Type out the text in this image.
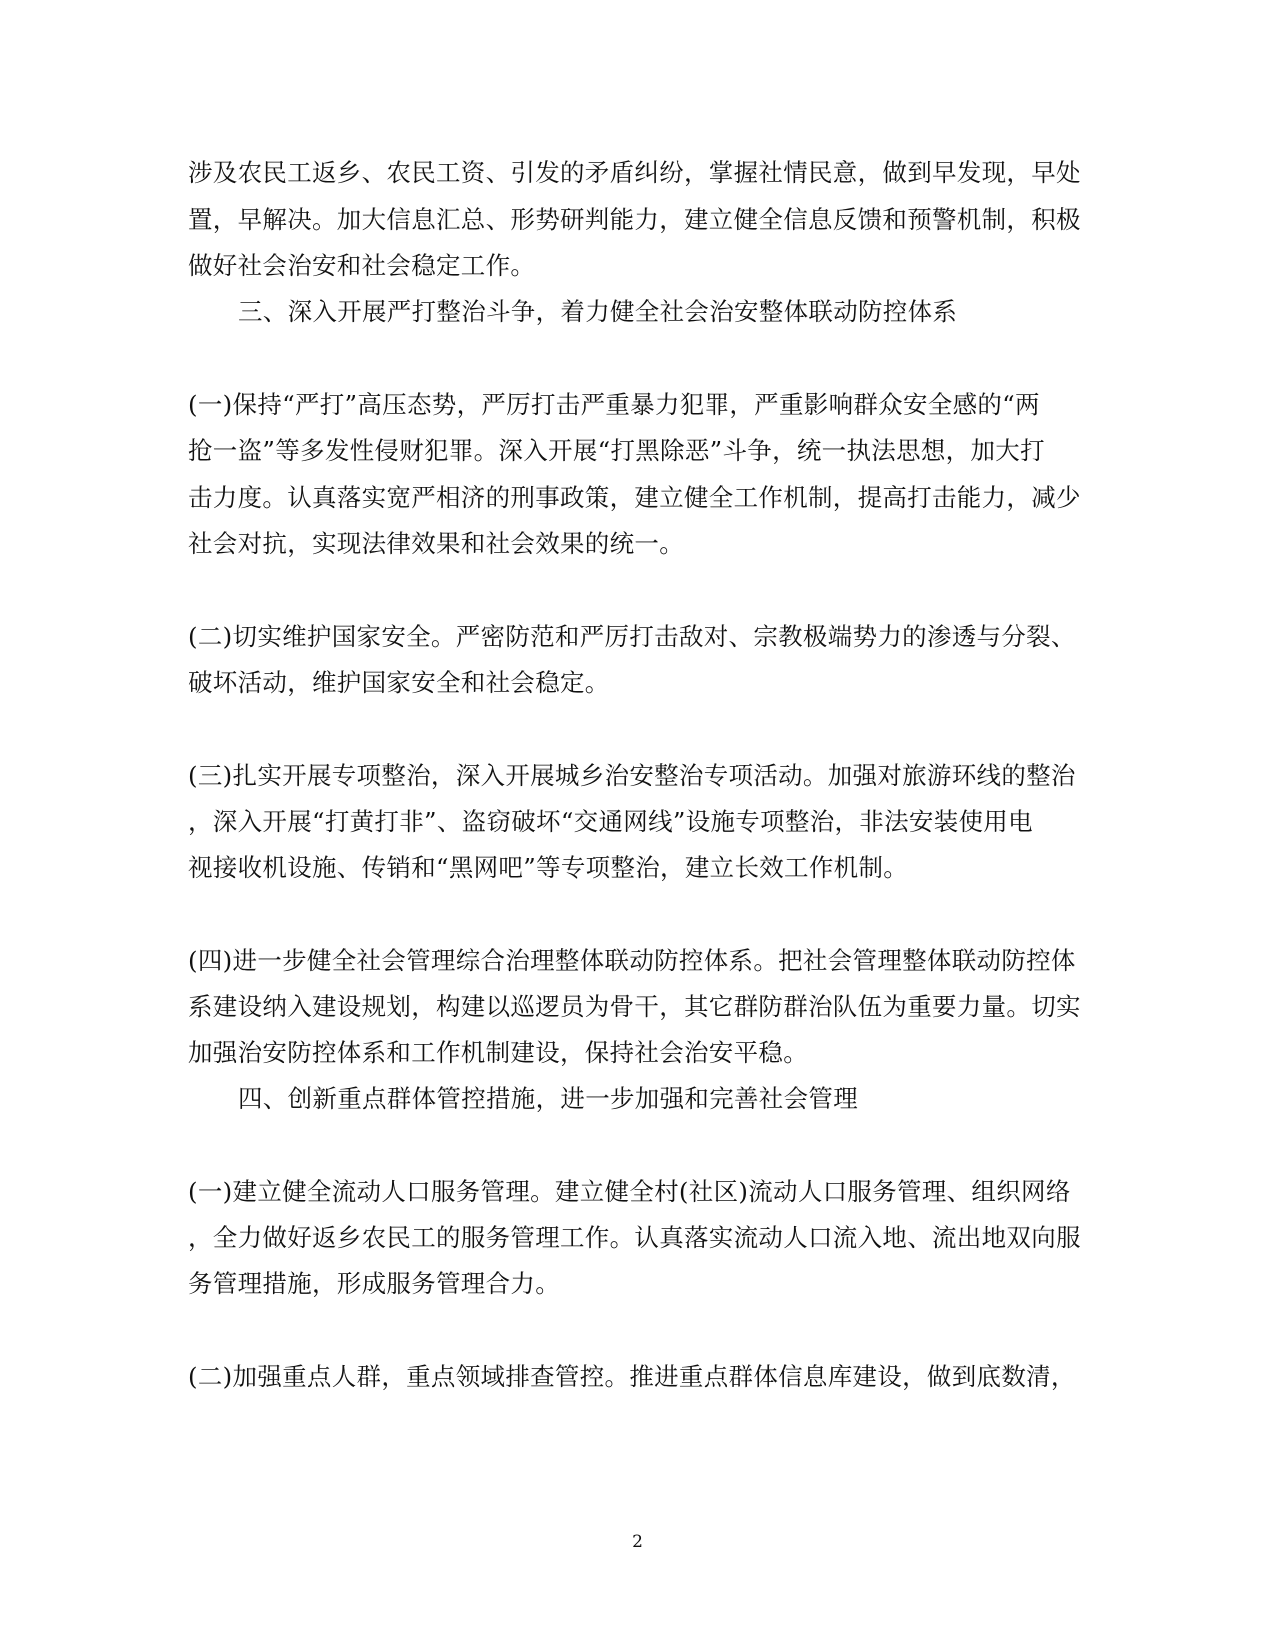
涉及农民工返乡、农民工资、引发的矛盾纠纷，掌握社情民意，做到早发现，早处
置，早解决。加大信息汇总、形势研判能力，建立健全信息反馈和预警机制，积极
做好社会治安和社会稳定工作。
三、深入开展严打整治斗争，着力健全社会治安整体联动防控体系
(一)保持“严打”高压态势，严厉打击严重暴力犯罪，严重影响群众安全感的“两
抢一盗”等多发性侵财犯罪。深入开展“打黑除恶”斗争，统一执法思想，加大打
击力度。认真落实宽严相济的刑事政策，建立健全工作机制，提高打击能力，减少
社会对抗，实现法律效果和社会效果的统一。
(二)切实维护国家安全。严密防范和严厉打击敌对、宗教极端势力的渗透与分裂、
破坏活动，维护国家安全和社会稳定。
(三)扎实开展专项整治，深入开展城乡治安整治专项活动。加强对旅游环线的整治
，深入开展“打黄打非”、盗窃破坏“交通网线”设施专项整治，非法安装使用电
视接收机设施、传销和“黑网吧”等专项整治，建立长效工作机制。
(四)进一步健全社会管理综合治理整体联动防控体系。把社会管理整体联动防控体
系建设纳入建设规划，构建以巡逻员为骨干，其它群防群治队伍为重要力量。切实
加强治安防控体系和工作机制建设，保持社会治安平稳。
四、创新重点群体管控措施，进一步加强和完善社会管理
(一)建立健全流动人口服务管理。建立健全村(社区)流动人口服务管理、组织网络
，全力做好返乡农民工的服务管理工作。认真落实流动人口流入地、流出地双向服
务管理措施，形成服务管理合力。
(二)加强重点人群，重点领域排查管控。推进重点群体信息库建设，做到底数清，
2
